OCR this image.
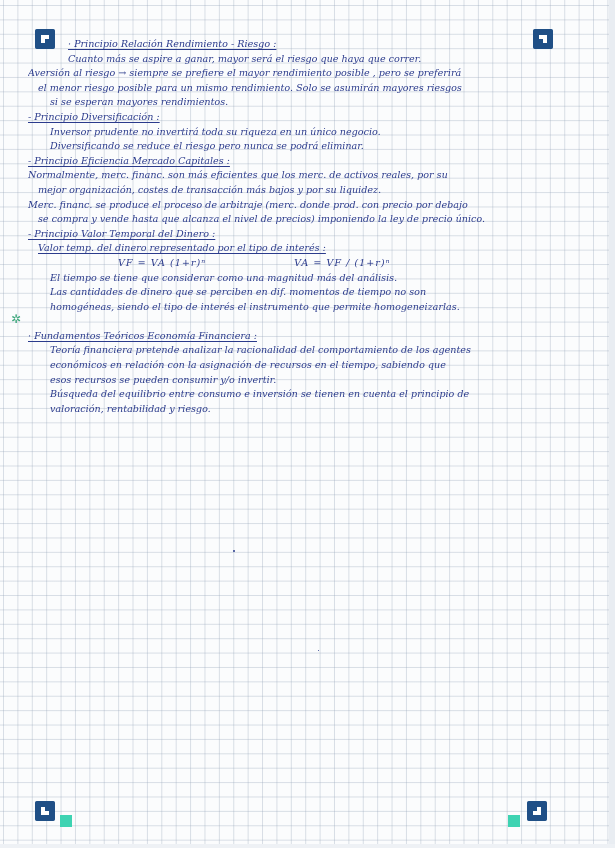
✲
· Principio Relación Rendimiento - Riesgo :
Cuanto más se aspire a ganar, mayor será el riesgo que haya que correr.
Aversión al riesgo → siempre se prefiere el mayor rendimiento posible , pero se preferirá
el menor riesgo posible para un mismo rendimiento. Solo se asumirán mayores riesgos
si se esperan mayores rendimientos.
- Principio Diversificación :
Inversor prudente no invertirá toda su riqueza en un único negocio.
Diversificando se reduce el riesgo pero nunca se podrá eliminar.
- Principio Eficiencia Mercado Capitales :
Normalmente, merc. financ. son más eficientes que los merc. de activos reales, por su
mejor organización, costes de transacción más bajos y por su liquidez.
Merc. financ. se produce el proceso de arbitraje (merc. donde prod. con precio por debajo
se compra y vende hasta que alcanza el nivel de precios) imponiendo la ley de precio único.
- Principio Valor Temporal del Dinero :
Valor temp. del dinero representado por el tipo de interés :
VF = VA (1+r)ⁿ	VA = VF / (1+r)ⁿ
El tiempo se tiene que considerar como una magnitud más del análisis.
Las cantidades de dinero que se perciben en dif. momentos de tiempo no son
homogéneas, siendo el tipo de interés el instrumento que permite homogeneizarlas.
· Fundamentos Teóricos Economía Financiera :
Teoría financiera pretende analizar la racionalidad del comportamiento de los agentes
económicos en relación con la asignación de recursos en el tiempo, sabiendo que
esos recursos se pueden consumir y/o invertir.
Búsqueda del equilibrio entre consumo e inversión se tienen en cuenta el principio de
valoración, rentabilidad y riesgo.
